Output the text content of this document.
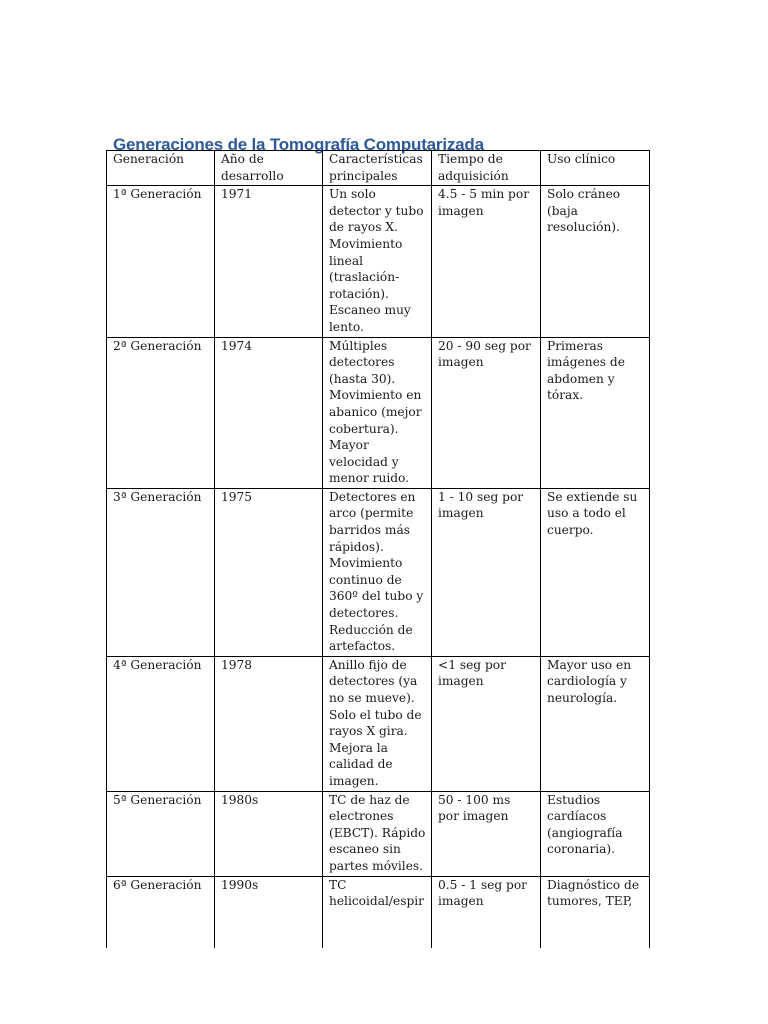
Generaciones de la Tomografía Computarizada
Generación	Año de desarrollo	Características principales	Tiempo de adquisición	Uso clínico
1ª Generación	1971	Un solo detector y tubo de rayos X. Movimiento lineal (traslación-rotación). Escaneo muy lento.	4.5 - 5 min por imagen	Solo cráneo (baja resolución).
2ª Generación	1974	Múltiples detectores (hasta 30). Movimiento en abanico (mejor cobertura). Mayor velocidad y menor ruido.	20 - 90 seg por imagen	Primeras imágenes de abdomen y tórax.
3ª Generación	1975	Detectores en arco (permite barridos más rápidos). Movimiento continuo de 360º del tubo y detectores. Reducción de artefactos.	1 - 10 seg por imagen	Se extiende su uso a todo el cuerpo.
4ª Generación	1978	Anillo fijo de detectores (ya no se mueve). Solo el tubo de rayos X gira. Mejora la calidad de imagen.	<1 seg por imagen	Mayor uso en cardiología y neurología.
5ª Generación	1980s	TC de haz de electrones (EBCT). Rápido escaneo sin partes móviles.	50 - 100 ms por imagen	Estudios cardíacos (angiografía coronaria).
6ª Generación	1990s	TC helicoidal/espir	0.5 - 1 seg por imagen	Diagnóstico de tumores, TEP,
